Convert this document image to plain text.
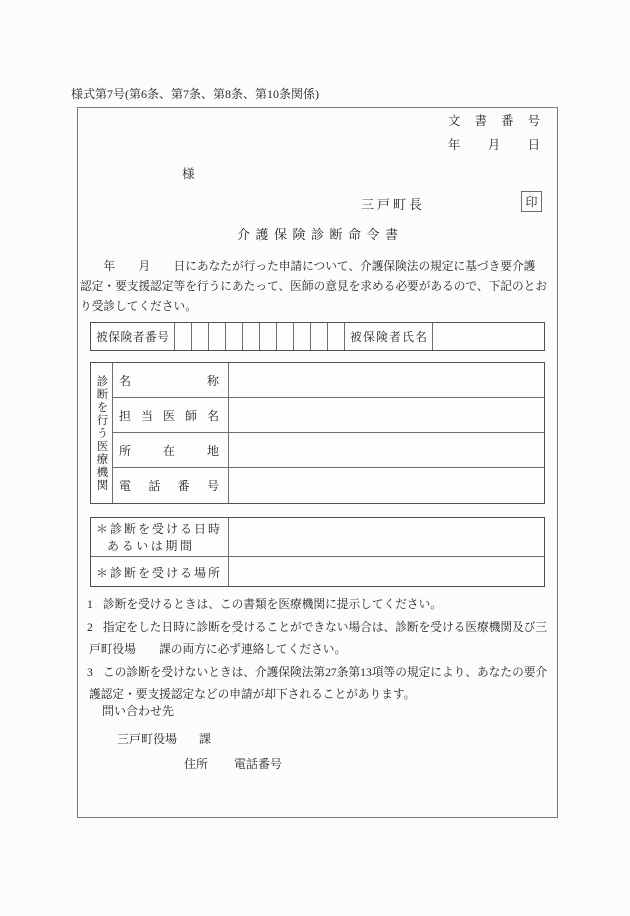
様式第7号(第6条、第7条、第8条、第10条関係)
文書番号
年月日
様
三戸町長	印
介護保険診断命令書
　　年　　月　　日にあなたが行った申請について、介護保険法の規定に基づき要介護
認定・要支援認定等を行うにあたって、医師の意見を求める必要があるので、下記のとお
り受診してください。
被保険者番号	被保険者氏名
診断を行う医療機関 名称
担当医師名
所在地
電話番号
＊診断を受ける日時
あるいは期間
＊診断を受ける場所
1 診断を受けるときは、この書類を医療機関に提示してください。
2 指定をした日時に診断を受けることができない場合は、診断を受ける医療機関及び三
戸町役場　　課の両方に必ず連絡してください。
3 この診断を受けないときは、介護保険法第27条第13項等の規定により、あなたの要介
護認定・要支援認定などの申請が却下されることがあります。
問い合わせ先
三戸町役場 課
住所 電話番号
